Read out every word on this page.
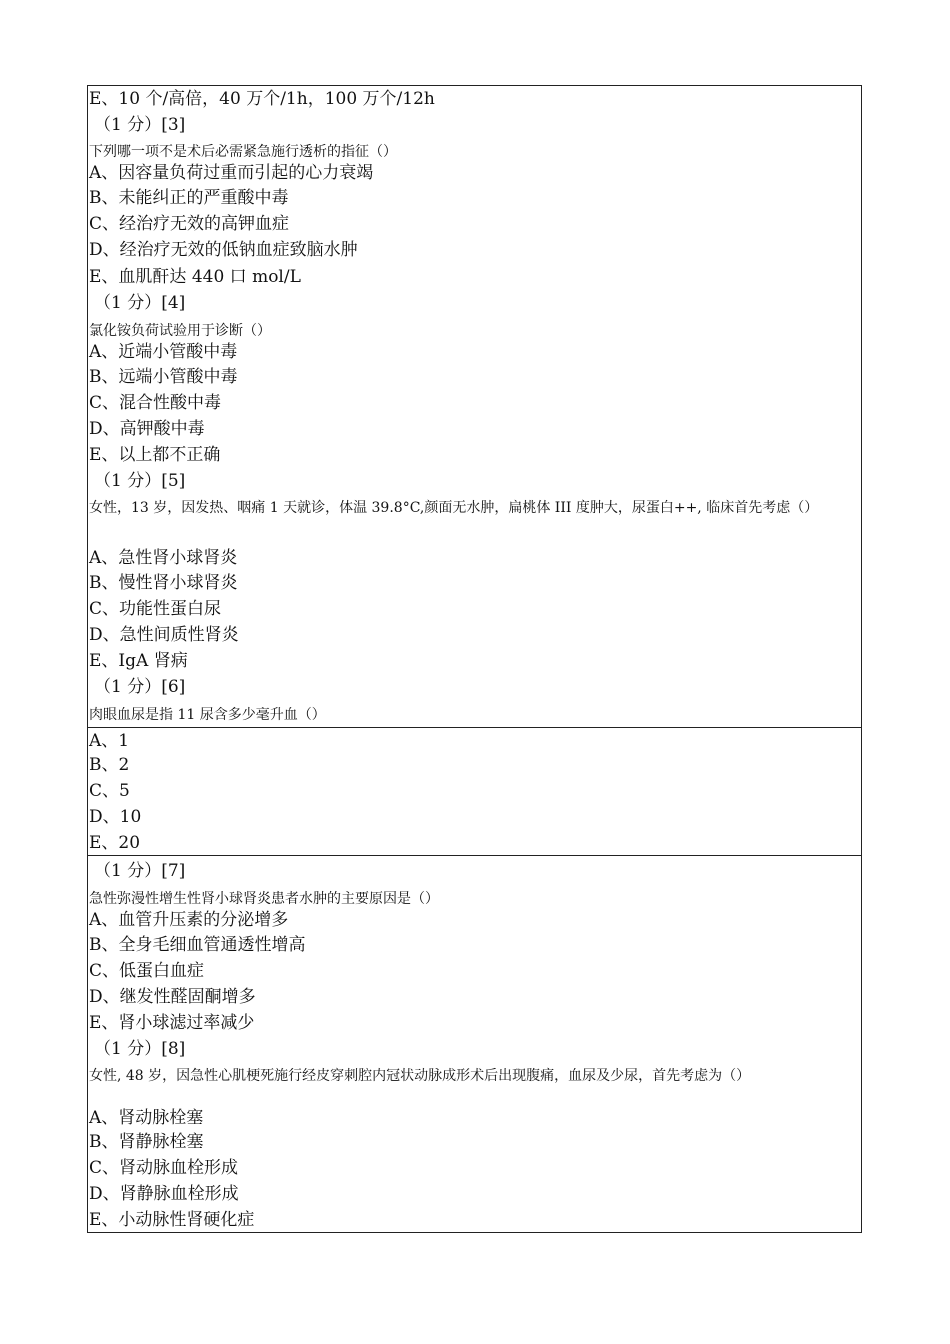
E、10 个/高倍，40 万个/1h，100 万个/12h
（1 分）[3]
下列哪一项不是术后必需紧急施行透析的指征（）
A、因容量负荷过重而引起的心力衰竭
B、未能纠正的严重酸中毒
C、经治疗无效的高钾血症
D、经治疗无效的低钠血症致脑水肿
E、血肌酐达 440 口 mol/L
（1 分）[4]
氯化铵负荷试验用于诊断（）
A、近端小管酸中毒
B、远端小管酸中毒
C、混合性酸中毒
D、高钾酸中毒
E、以上都不正确
（1 分）[5]
女性，13 岁，因发热、咽痛 1 天就诊，体温 39.8°C,颜面无水肿，扁桃体 III 度肿大，尿蛋白++, 临床首先考虑（）
A、急性肾小球肾炎
B、慢性肾小球肾炎
C、功能性蛋白尿
D、急性间质性肾炎
E、IgA 肾病
（1 分）[6]
肉眼血尿是指 11 尿含多少毫升血（）
A、1
B、2
C、5
D、10
E、20
（1 分）[7]
急性弥漫性增生性肾小球肾炎患者水肿的主要原因是（）
A、血管升压素的分泌增多
B、全身毛细血管通透性增高
C、低蛋白血症
D、继发性醛固酮增多
E、肾小球滤过率减少
（1 分）[8]
女性, 48 岁，因急性心肌梗死施行经皮穿刺腔内冠状动脉成形术后出现腹痛，血尿及少尿，首先考虑为（）
A、肾动脉栓塞
B、肾静脉栓塞
C、肾动脉血栓形成
D、肾静脉血栓形成
E、小动脉性肾硬化症
